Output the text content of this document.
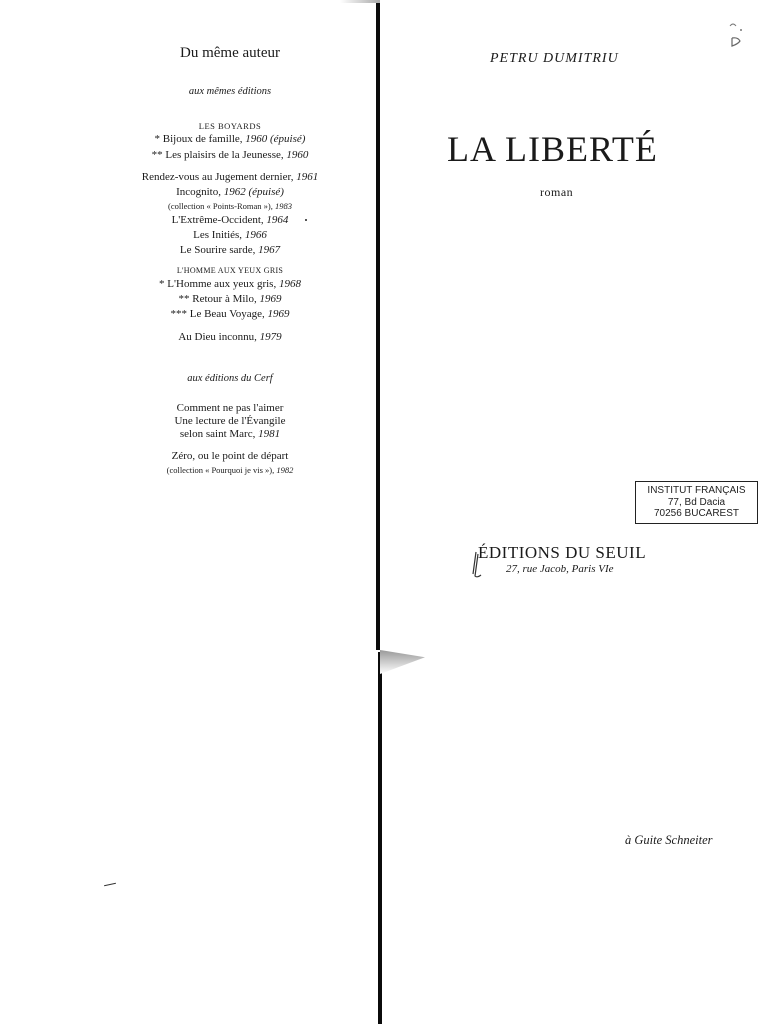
Du même auteur
aux mêmes éditions
LES BOYARDS
* Bijoux de famille, 1960 (épuisé)
** Les plaisirs de la Jeunesse, 1960
Rendez-vous au Jugement dernier, 1961
Incognito, 1962 (épuisé)
(collection « Points-Roman »), 1983
L'Extrême-Occident, 1964
Les Initiés, 1966
Le Sourire sarde, 1967
L'HOMME AUX YEUX GRIS
* L'Homme aux yeux gris, 1968
** Retour à Milo, 1969
*** Le Beau Voyage, 1969
Au Dieu inconnu, 1979
aux éditions du Cerf
Comment ne pas l'aimer
Une lecture de l'Évangile
selon saint Marc, 1981
Zéro, ou le point de départ
(collection « Pourquoi je vis »), 1982
PETRU DUMITRIU
LA LIBERTÉ
roman
INSTITUT FRANÇAIS
77, Bd Dacia
70256 BUCAREST
ÉDITIONS DU SEUIL
27, rue Jacob, Paris VIe
à Guite Schneiter
